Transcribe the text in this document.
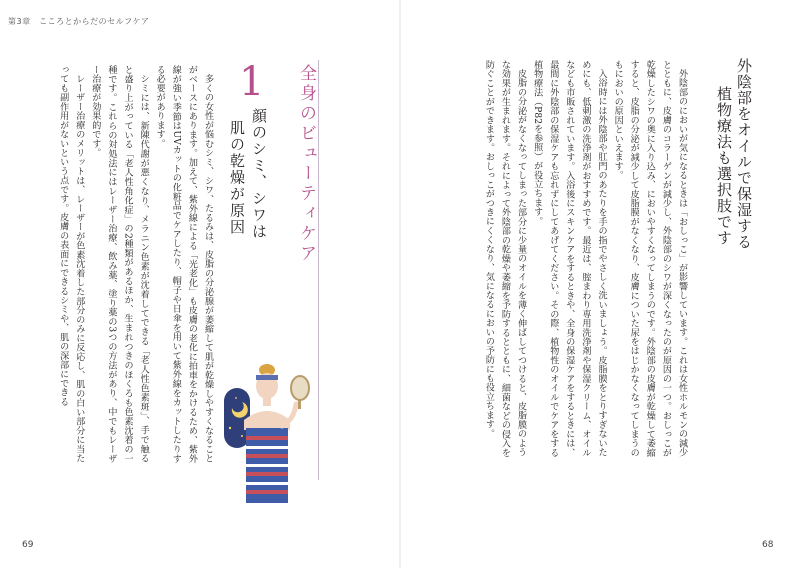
第3章　こころとからだのセルフケア
外陰部をオイルで保湿する
植物療法も選択肢です

外陰部のにおいが気になるときは「おしっこ」が影響しています。これは女性ホルモンの減少とともに、皮膚のコラーゲンが減少し、外陰部のシワが深くなったのが原因の一つ。おしっこが乾燥したシワの奥に入り込み、においやすくなってしまうのです。外陰部の皮膚が乾燥して萎縮すると、皮脂の分泌が減少して皮脂膜がなくなり、皮膚についた尿をはじかなくなってしまうのもにおいの原因といえます。

入浴時には外陰部や肛門のあたりを手の指でやさしく洗いましょう。皮脂膜をとりすぎないためにも、低刺激の洗浄剤がおすすめです。最近は、腟まわり専用洗浄剤や保湿クリーム、オイルなども市販されています。入浴後にスキンケアをするときや、全身の保湿ケアをするときには、最間に外陰部の保湿ケアも忘れずにしてあげてください。その際、植物性のオイルでケアをする植物療法（P82を参照）が役立ちます。

皮脂の分泌がなくなってしまった部分に少量のオイルを薄く伸ばしてつけると、皮脂膜のような効果が生まれます。それによって外陰部の乾燥や萎縮を予防するとともに、細菌などの侵入を防ぐことができます。おしっこがつきにくくなり、気になるにおいの予防にも役立ちます。

全身のビューティケア
1
顔のシミ、シワは
肌の乾燥が原因

多くの女性が悩むシミ、シワ、たるみは、皮脂の分泌腺が萎縮して肌が乾燥しやすくなることがベースにあります。加えて、紫外線による「光老化」も皮膚の老化に拍車をかけるため、紫外線が強い季節はUVカットの化粧品でケアしたり、帽子や日傘を用いて紫外線をカットしたりする必要があります。

シミには、新陳代謝が悪くなり、メラニン色素が沈着してできる「老人性色素斑」、手で触ると盛り上がっている「老人性角化症」の2種類があるほか、生まれつきのほくろも色素沈着の一種です。これらの対処法にはレーザー治療、飲み薬、塗り薬の3つの方法があり、中でもレーザー治療が効果的です。

レーザー治療のメリットは、レーザーが色素沈着した部分のみに反応し、肌の白い部分に当たっても副作用がないという点です。皮膚の表面にできるシミや、肌の深部にできる

69	68
